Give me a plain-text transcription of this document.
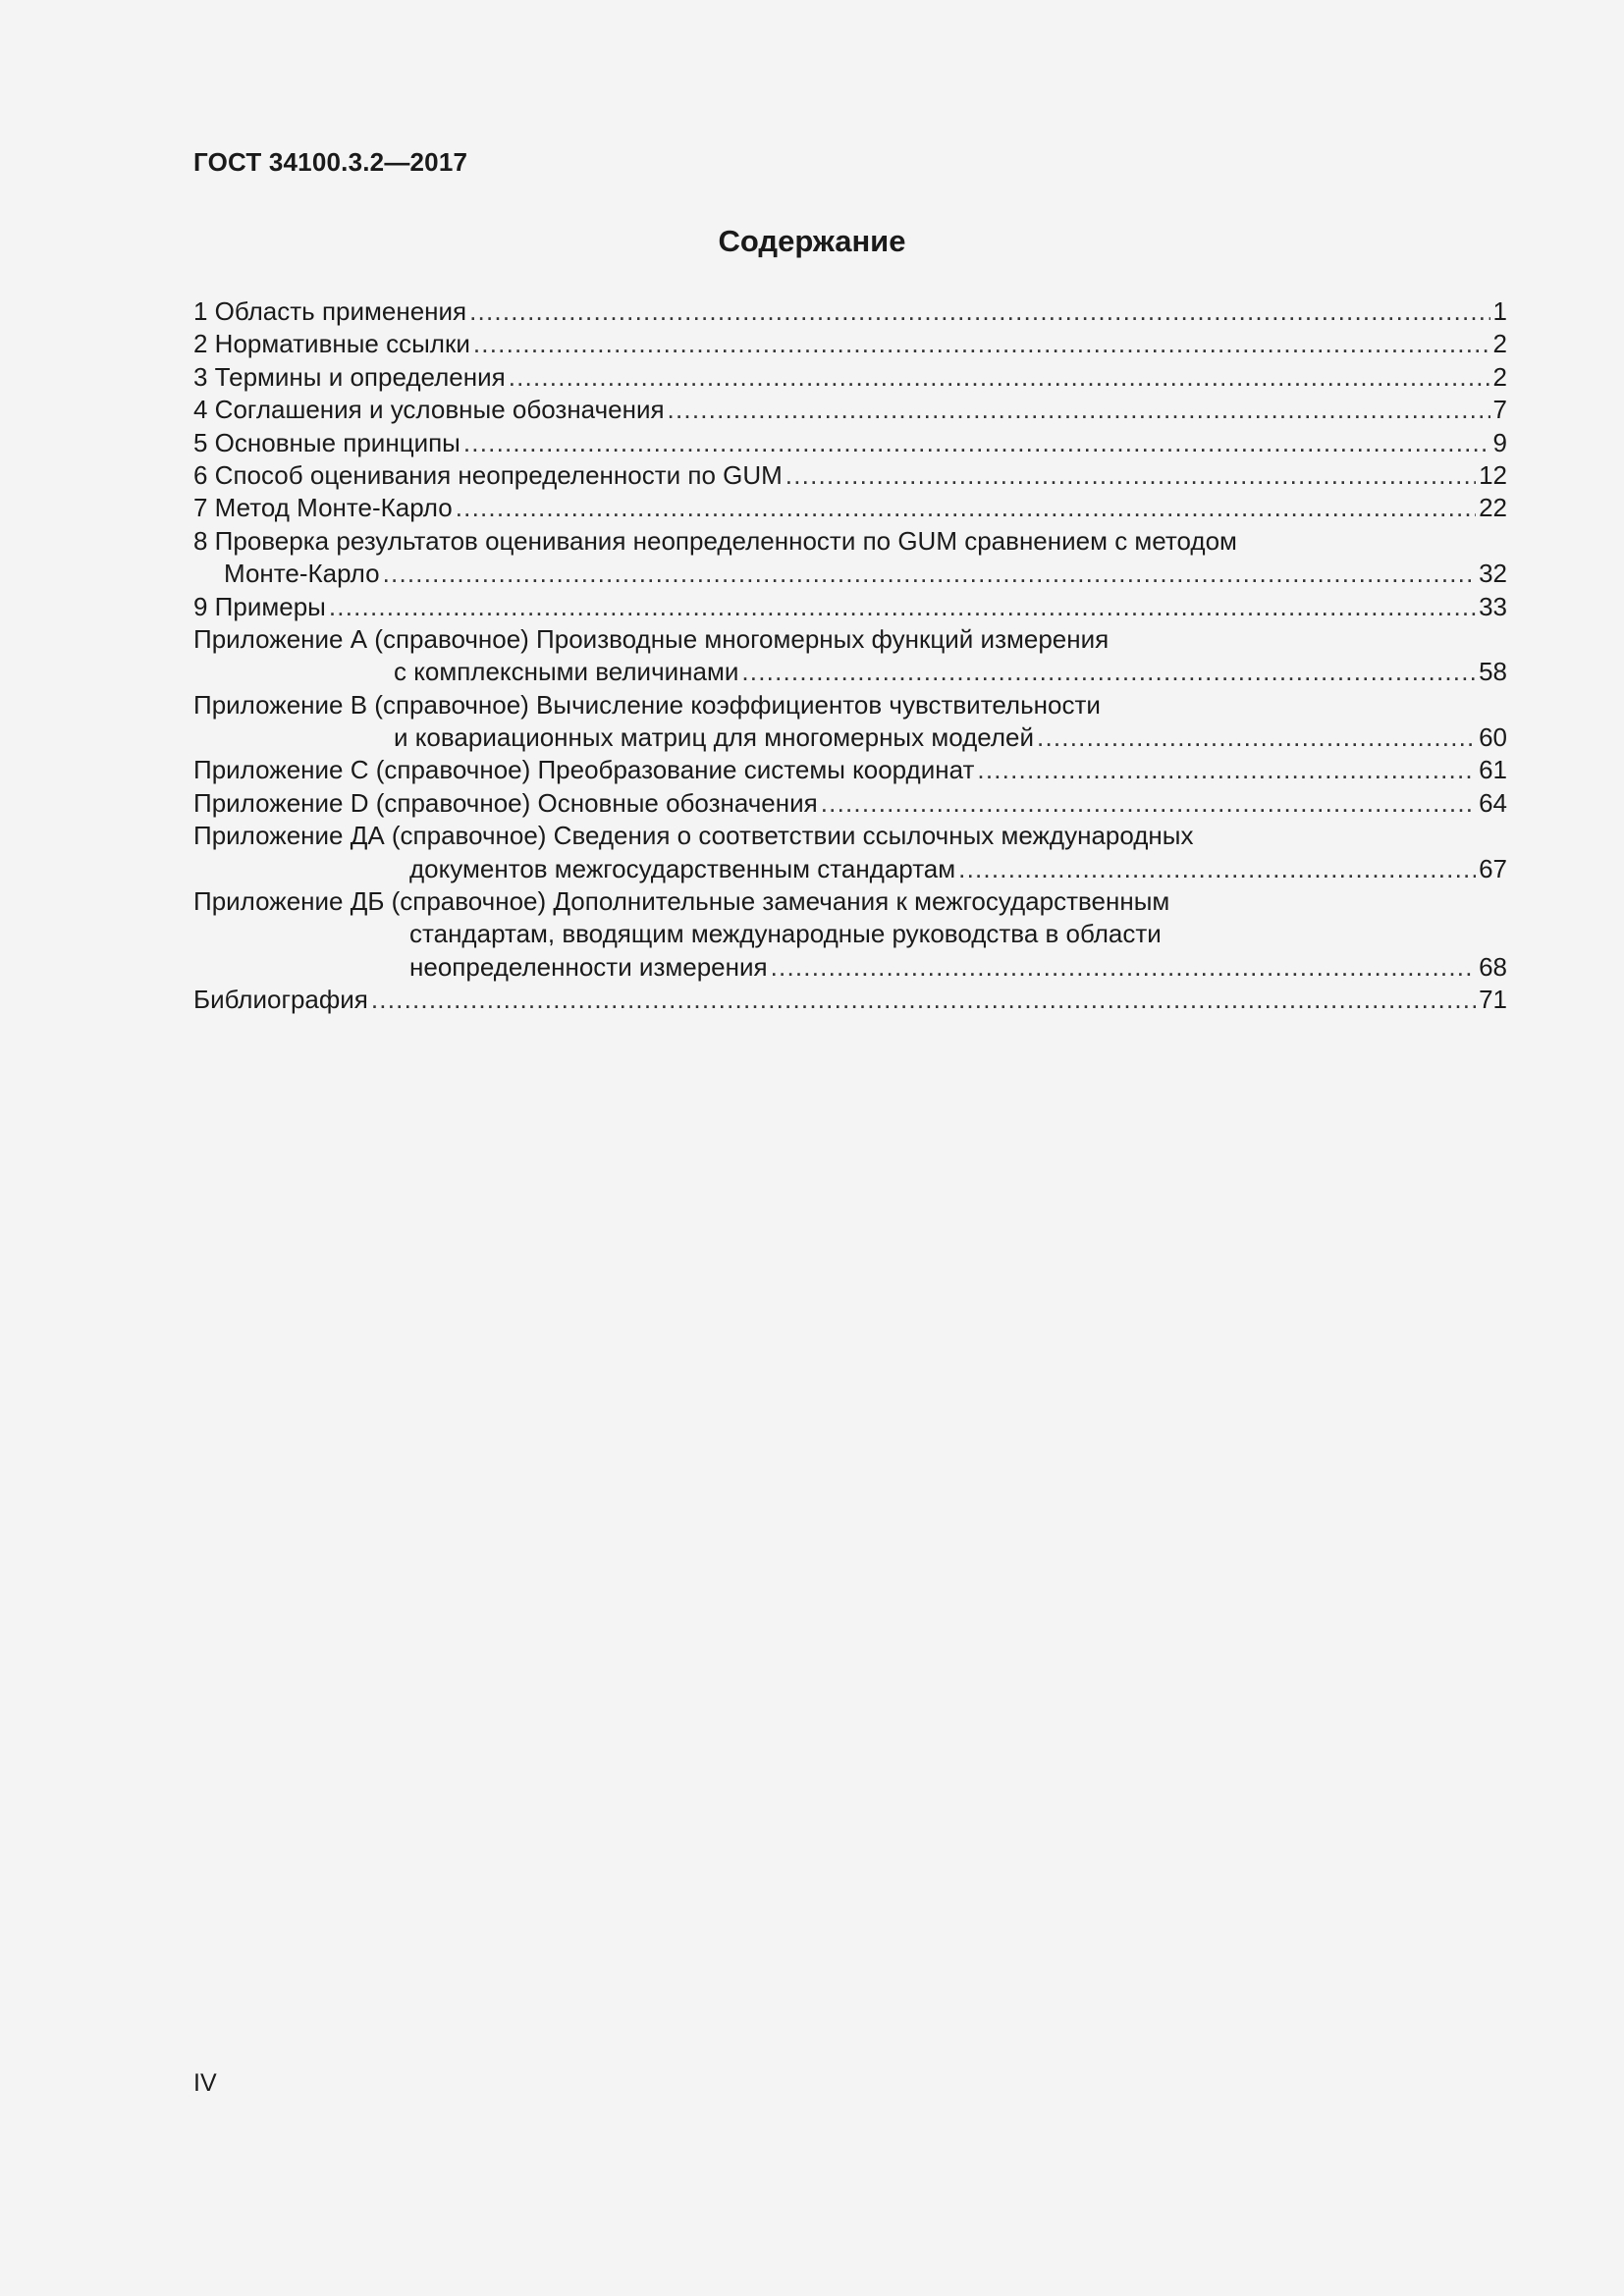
ГОСТ 34100.3.2—2017
Содержание
1 Область применения .....	1
2 Нормативные ссылки .....	2
3 Термины и определения .....	2
4 Соглашения и условные обозначения .....	7
5 Основные принципы .....	9
6 Способ оценивания неопределенности по GUM .....	12
7 Метод Монте-Карло .....	22
8 Проверка результатов оценивания неопределенности по GUM сравнением с методом
Монте-Карло .....	32
9 Примеры .....	33
Приложение А (справочное) Производные многомерных функций измерения
с комплексными величинами .....	58
Приложение В (справочное) Вычисление коэффициентов чувствительности
и ковариационных матриц для многомерных моделей .....	60
Приложение С (справочное) Преобразование системы координат .....	61
Приложение D (справочное) Основные обозначения .....	64
Приложение ДА (справочное) Сведения о соответствии ссылочных международных
документов межгосударственным стандартам .....	67
Приложение ДБ (справочное) Дополнительные замечания к межгосударственным
стандартам, вводящим международные руководства в области
неопределенности измерения .....	68
Библиография .....	71
IV
